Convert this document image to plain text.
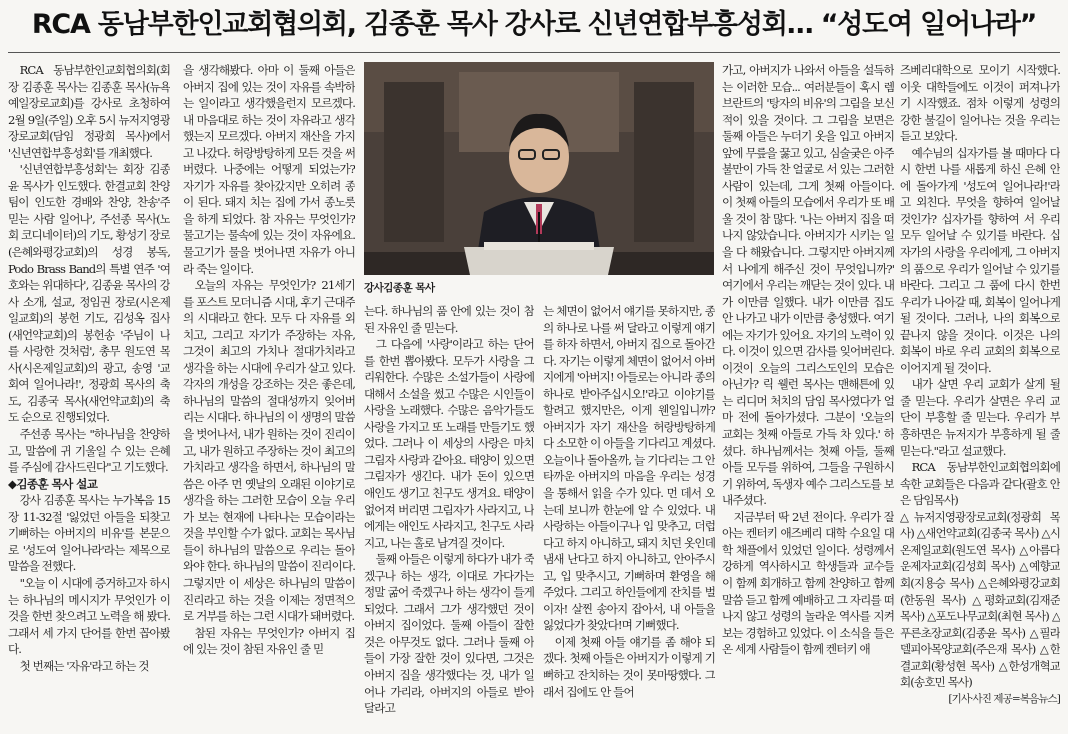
RCA 동남부한인교회협의회, 김종훈 목사 강사로 신년연합부흥성회… “성도여 일어나라”

RCA 동남부한인교회협의회(회장 김종훈 목사는 김종훈 목사(뉴욕예일장로교회)를 강사로 초청하여 2월 9일(주일) 오후 5시 뉴저지영광장로교회(담임 정광희 목사)에서 '신년연합부흥성회'를 개최했다.

'신년연합부흥성회'는 회장 김종윤 목사가 인도했다. 한결교회 찬양팀이 인도한 경배와 찬양, 찬송'주 믿는 사람 일어나', 주선종 목사(노회 코디네이터)의 기도, 황성기 장로(은혜와평강교회)의 성경 봉독, Podo Brass Band의 특별 연주 '여호와는 위대하다', 김종윤 목사의 강사 소개, 설교, 정임권 장로(시온제일교회)의 봉헌 기도, 김성옥 집사(새언약교회)의 봉헌송 '주님이 나를 사랑한 것처럼', 총무 원도연 목사(시온제일교회)의 광고, 송영 '교회여 일어나라!', 정광희 목사의 축도, 김종국 목사(새언약교회)의 축도 순으로 진행되었다.

주선종 목사는 "하나님을 찬양하고, 말씀에 귀 기울일 수 있는 은혜를 주심에 감사드린다"고 기도했다.

◆김종훈 목사 설교

강사 김종훈 목사는 누가복음 15장 11-32절 '잃었던 아들을 되찾고 기뻐하는 아버지의 비유'를 본문으로 '성도여 일어나라'라는 제목으로 말씀을 전했다.

"오늘 이 시대에 증거하고자 하시는 하나님의 메시지가 무엇인가 이것을 한번 찾으려고 노력을 해 봤다. 그래서 세 가지 단어를 한번 꼽아봤다.

첫 번째는 '자유'라고 하는 것

을 생각해봤다. 아마 이 둘째 아들은 아버지 집에 있는 것이 자유를 속박하는 일이라고 생각했을런지 모르겠다. 내 마음대로 하는 것이 자유라고 생각했는지 모르겠다. 아버지 재산을 가지고 나갔다. 허랑방탕하게 모든 것을 써 버렸다. 나중에는 어떻게 되었는가? 자기가 자유를 찾아갔지만 오히려 종이 된다. 돼지 치는 집에 가서 종노릇을 하게 되었다. 참 자유는 무엇인가? 물고기는 물속에 있는 것이 자유에요. 물고기가 물을 벗어나면 자유가 아니라 죽는 일이다.

오늘의 자유는 무엇인가? 21세기를 포스트 모더니즘 시대, 후기 근대주의 시대라고 한다. 모두 다 자유를 외치고, 그리고 자기가 주장하는 자유, 그것이 최고의 가치나 절대가치라고 생각을 하는 시대에 우리가 살고 있다. 각자의 개성을 강조하는 것은 좋은데, 하나님의 말씀의 절대성까지 잊어버리는 시대다. 하나님의 이 생명의 말씀을 벗어나서, 내가 원하는 것이 진리이고, 내가 원하고 주장하는 것이 최고의 가치라고 생각을 하면서, 하나님의 말씀은 아주 먼 옛날의 오래된 이야기로 생각을 하는 그러한 모습이 오늘 우리가 보는 현재에 나타나는 모습이라는 것을 부인할 수가 없다. 교회는 목사님들이 하나님의 말씀으로 우리는 돌아와야 한다. 하나님의 말씀이 진리이다. 그렇지만 이 세상은 하나님의 말씀이 진리라고 하는 것을 이제는 정면적으로 거부를 하는 그런 시대가 돼버렸다.

참된 자유는 무엇인가? 아버지 집에 있는 것이 참된 자유인 줄 믿

강사김종훈 목사

는다. 하나님의 품 안에 있는 것이 참된 자유인 줄 믿는다.

그 다음에 '사랑'이라고 하는 단어를 한번 뽑아봤다. 모두가 사랑을 그리워한다. 수많은 소설가들이 사랑에 대해서 소설을 썼고 수많은 시인들이 사랑을 노래했다. 수많은 음악가들도 사랑을 가지고 또 노래를 만들기도 했었다. 그러나 이 세상의 사랑은 마치 그림자 사랑과 같아요. 태양이 있으면 그림자가 생긴다. 내가 돈이 있으면 애인도 생기고 친구도 생겨요. 태양이 없어져 버리면 그림자가 사라지고, 나에게는 애인도 사라지고, 친구도 사라지고, 나는 홀로 남겨질 것이다.

둘째 아들은 이렇게 하다가 내가 죽겠구나 하는 생각, 이대로 가다가는 정말 굶어 죽겠구나 하는 생각이 들게 되었다. 그래서 그가 생각했던 것이 아버지 집이었다. 둘째 아들이 잘한 것은 아무것도 없다. 그러나 둘째 아들이 가장 잘한 것이 있다면, 그것은 아버지 집을 생각했다는 것, 내가 일어나 가리라, 아버지의 아들로 받아 달라고

는 체면이 없어서 얘기를 못하지만, 종의 하나로 나를 써 달라고 이렇게 얘기를 하자 하면서, 아버지 집으로 돌아간다. 자기는 이렇게 체면이 없어서 아버지에게 '아버지! 아들로는 아니라 종의 하나로 받아주십시오!'라고 이야기를 할려고 했지만은, 이게 웬일입니까? 아버지가 자기 재산을 허랑방탕하게 다 소모한 이 아들을 기다리고 계셨다. 오늘이나 돌아올까, 늘 기다리는 그 안타까운 아버지의 마음을 우리는 성경을 통해서 읽을 수가 있다. 먼 데서 오는데 보니까 한눈에 알 수 있었다. 내 사랑하는 아들이구나 입 맞추고, 더럽다고 하지 아니하고, 돼지 치던 옷인데 냄새 난다고 하지 아니하고, 안아주시고, 입 맞추시고, 기뻐하며 환영을 해 주었다. 그리고 하인들에게 잔치를 벌이자! 살찐 송아지 잡아서, 내 아들을 잃었다가 찾았다!며 기뻐했다.

이제 첫째 아들 얘기를 좀 해야 되겠다. 첫째 아들은 아버지가 이렇게 기뻐하고 잔치하는 것이 못마땅했다. 그래서 집에도 안 들어

가고, 아버지가 나와서 아들을 설득하는 이러한 모습... 여러분들이 혹시 렘브란트의 '탕자의 비유'의 그림을 보신 적이 있을 것이다. 그 그림을 보면은 둘째 아들은 누더기 옷을 입고 아버지 앞에 무릎을 꿇고 있고, 심술궂은 아주 불만이 가득 찬 얼굴로 서 있는 그러한 사람이 있는데, 그게 첫째 아들이다. 이 첫째 아들의 모습에서 우리가 또 배울 것이 참 많다. '나는 아버지 집을 떠나지 않았습니다. 아버지가 시키는 일을 다 해왔습니다. 그렇지만 아버지께서 나에게 해주신 것이 무엇입니까?' 여기에서 우리는 깨닫는 것이 있다. 내가 이만큼 일했다. 내가 이만큼 집도 안 나가고 내가 이만큼 충성했다. 여기에는 자기가 있어요. 자기의 노력이 있다. 이것이 있으면 감사를 잊어버린다. 이것이 오늘의 그리스도인의 모습은 아닌가? 릭 웰런 목사는 맨해튼에 있는 리디머 처치의 담임 목사였다가 얼마 전에 돌아가셨다. 그분이 '오늘의 교회는 첫째 아들로 가득 차 있다.' 하셨다. 하나님께서는 첫째 아들, 둘째 아들 모두를 위하여, 그들을 구원하시기 위하여, 독생자 예수 그리스도를 보내주셨다.

지금부터 딱 2년 전이다. 우리가 잘 아는 켄터키 애즈베리 대학 수요일 대학 채플에서 있었던 일이다. 성령께서 강하게 역사하시고 학생들과 교수들이 함께 회개하고 함께 찬양하고 함께 말씀 듣고 함께 예배하고 그 자리를 떠나지 않고 성령의 놀라운 역사를 지켜보는 경험하고 있었다. 이 소식을 들은 온 세계 사람들이 함께 켄터키 애

즈베리대학으로 모이기 시작했다. 이웃 대학들에도 이것이 퍼져나가기 시작했죠. 점차 이렇게 성령의 강한 불길이 일어나는 것을 우리는 듣고 보았다.

예수님의 십자가를 볼 때마다 다시 한번 나를 새롭게 하신 은혜 안에 돌아가게 '성도여 일어나라!'라고 외친다. 무엇을 향하여 일어날 것인가? 십자가를 향하여 서 우리 모두 일어날 수 있기를 바란다. 십자가의 사랑을 우리에게, 그 아버지의 품으로 우리가 일어날 수 있기를 바란다. 그리고 그 품에 다시 한번 우리가 나아갈 때, 회복이 일어나게 될 것이다. 그러나, 나의 회복으로 끝나지 않을 것이다. 이것은 나의 회복이 바로 우리 교회의 회복으로 이어지게 될 것이다.

내가 살면 우리 교회가 살게 될 줄 믿는다. 우리가 살면은 우리 교단이 부흥할 줄 믿는다. 우리가 부흥하면은 뉴저지가 부흥하게 될 줄 믿는다."라고 설교했다.

RCA 동남부한인교회협의회에 속한 교회들은 다음과 같다(괄호 안은 담임목사)

△뉴저지영광장로교회(정광희 목사) △새언약교회(김종국 목사) △시온제일교회(원도연 목사) △아름다운제자교회(김성희 목사) △예향교회(지용승 목사) △은혜와평강교회(한동원 목사) △평화교회(김재준 목사) △포도나무교회(최현 목사) △푸른초장교회(김종윤 목사) △필라델피아목양교회(주은재 목사) △한결교회(황성현 목사) △한성개혁교회(송호민 목사)

[기사·사진 제공=복음뉴스]
